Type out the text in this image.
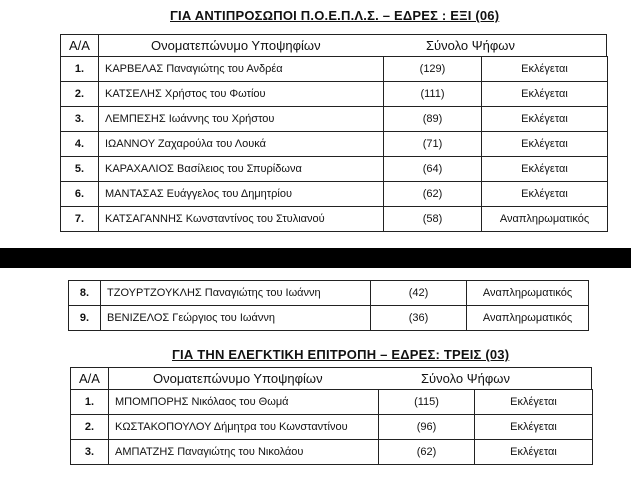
ΓΙΑ ΑΝΤΙΠΡΟΣΩΠΟΙ Π.Ο.Ε.Π.Λ.Σ. – ΕΔΡΕΣ : ΕΞΙ (06)
Α/Α	Ονοματεπώνυμο Υποψηφίων	Σύνολο Ψήφων
1.	ΚΑΡΒΕΛΑΣ Παναγιώτης του Ανδρέα	(129)	Εκλέγεται
2.	ΚΑΤΣΕΛΗΣ Χρήστος του Φωτίου	(111)	Εκλέγεται
3.	ΛΕΜΠΕΣΗΣ Ιωάννης του Χρήστου	(89)	Εκλέγεται
4.	ΙΩΑΝΝΟΥ Ζαχαρούλα του Λουκά	(71)	Εκλέγεται
5.	ΚΑΡΑΧΑΛΙΟΣ Βασίλειος του Σπυρίδωνα	(64)	Εκλέγεται
6.	ΜΑΝΤΑΣΑΣ Ευάγγελος του Δημητρίου	(62)	Εκλέγεται
7.	ΚΑΤΣΑΓΑΝΝΗΣ Κωνσταντίνος του Στυλιανού	(58)	Αναπληρωματικός
8.	ΤΖΟΥΡΤΖΟΥΚΛΗΣ Παναγιώτης του Ιωάννη	(42)	Αναπληρωματικός
9.	ΒΕΝΙΖΕΛΟΣ Γεώργιος του Ιωάννη	(36)	Αναπληρωματικός
ΓΙΑ ΤΗΝ ΕΛΕΓΚΤΙΚΗ ΕΠΙΤΡΟΠΗ – ΕΔΡΕΣ: ΤΡΕΙΣ (03)
Α/Α	Ονοματεπώνυμο Υποψηφίων	Σύνολο Ψήφων
1.	ΜΠΟΜΠΟΡΗΣ Νικόλαος του Θωμά	(115)	Εκλέγεται
2.	ΚΩΣΤΑΚΟΠΟΥΛΟΥ Δήμητρα του Κωνσταντίνου	(96)	Εκλέγεται
3.	ΑΜΠΑΤΖΗΣ Παναγιώτης του Νικολάου	(62)	Εκλέγεται
